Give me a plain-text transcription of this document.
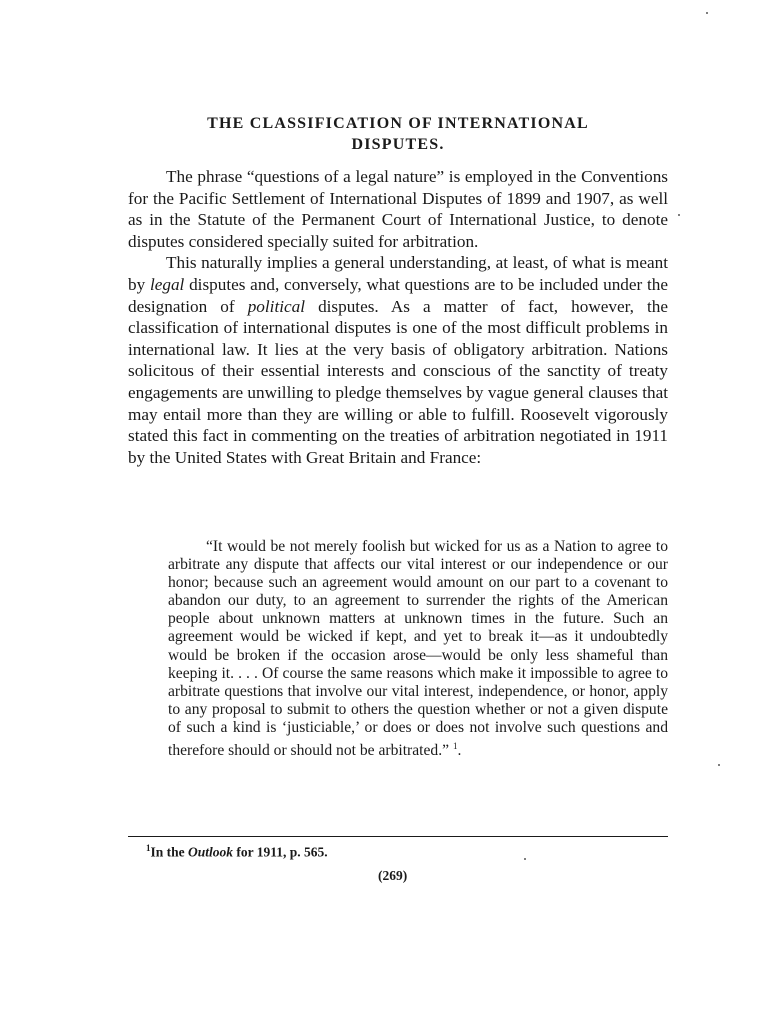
THE CLASSIFICATION OF INTERNATIONAL
DISPUTES.

The phrase “questions of a legal nature” is employed in the Conventions for the Pacific Settlement of International Disputes of 1899 and 1907, as well as in the Statute of the Permanent Court of International Justice, to denote disputes considered specially suited for arbitration.

This naturally implies a general understanding, at least, of what is meant by legal disputes and, conversely, what questions are to be included under the designation of political disputes. As a matter of fact, however, the classification of international disputes is one of the most difficult problems in international law. It lies at the very basis of obligatory arbitration. Nations solicitous of their essential interests and conscious of the sanctity of treaty engagements are unwilling to pledge themselves by vague general clauses that may entail more than they are willing or able to fulfill. Roosevelt vigorously stated this fact in commenting on the treaties of arbitration negotiated in 1911 by the United States with Great Britain and France:

“It would be not merely foolish but wicked for us as a Nation to agree to arbitrate any dispute that affects our vital interest or our independence or our honor; because such an agreement would amount on our part to a covenant to abandon our duty, to an agreement to surrender the rights of the American people about unknown matters at unknown times in the future. Such an agreement would be wicked if kept, and yet to break it—as it undoubtedly would be broken if the occasion arose—would be only less shameful than keeping it. . . . Of course the same reasons which make it impossible to agree to arbitrate questions that involve our vital interest, independence, or honor, apply to any proposal to submit to others the question whether or not a given dispute of such a kind is ‘justiciable,’ or does or does not involve such questions and therefore should or should not be arbitrated.” $^1$.

$^1$In the Outlook for 1911, p. 565.

(269)
